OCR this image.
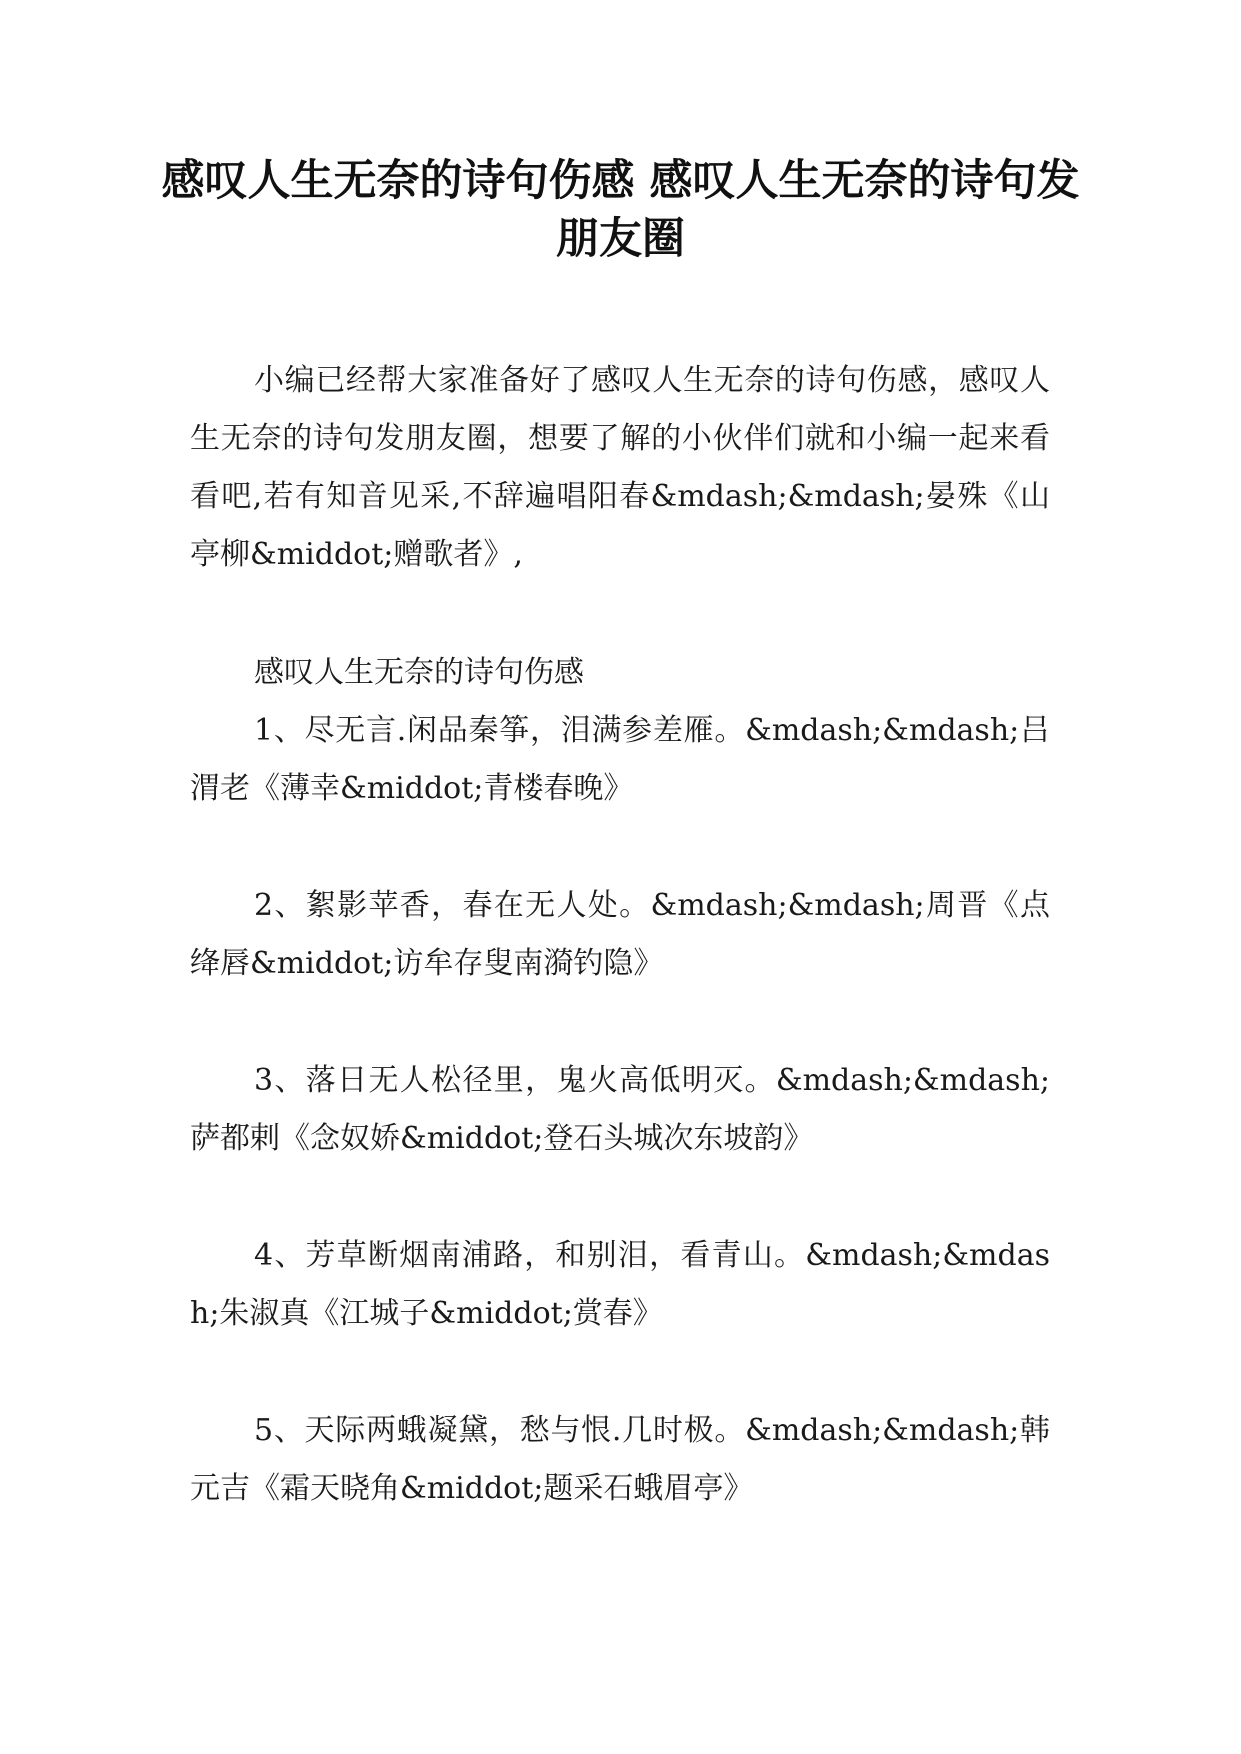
感叹人生无奈的诗句伤感 感叹人生无奈的诗句发朋友圈

小编已经帮大家准备好了感叹人生无奈的诗句伤感，感叹人生无奈的诗句发朋友圈，想要了解的小伙伴们就和小编一起来看看吧,若有知音见采,不辞遍唱阳春&mdash;&mdash;晏殊《山亭柳&middot;赠歌者》,

感叹人生无奈的诗句伤感

1、尽无言.闲品秦筝，泪满参差雁。&mdash;&mdash;吕渭老《薄幸&middot;青楼春晚》

2、絮影苹香，春在无人处。&mdash;&mdash;周晋《点绛唇&middot;访牟存叟南漪钓隐》

3、落日无人松径里，鬼火高低明灭。&mdash;&mdash;萨都剌《念奴娇&middot;登石头城次东坡韵》

4、芳草断烟南浦路，和别泪，看青山。&mdash;&mdash;朱淑真《江城子&middot;赏春》

5、天际两蛾凝黛，愁与恨.几时极。&mdash;&mdash;韩元吉《霜天晓角&middot;题采石蛾眉亭》
